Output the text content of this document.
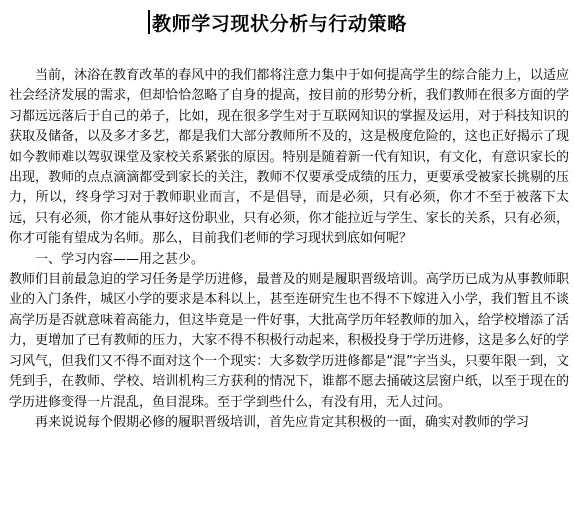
教师学习现状分析与行动策略

当前，沐浴在教育改革的春风中的我们都将注意力集中于如何提高学生的综合能力上，以适应社会经济发展的需求，但却恰恰忽略了自身的提高，按目前的形势分析，我们教师在很多方面的学习都远远落后于自己的弟子，比如，现在很多学生对于互联网知识的掌握及运用，对于科技知识的获取及储备，以及多才多艺，都是我们大部分教师所不及的，这是极度危险的，这也正好揭示了现如今教师难以驾驭课堂及家校关系紧张的原因。特别是随着新一代有知识，有文化，有意识家长的出现，教师的点点滴滴都受到家长的关注，教师不仅要承受成绩的压力，更要承受被家长挑剔的压力，所以，终身学习对于教师职业而言，不是倡导，而是必须，只有必须，你才不至于被落下太远，只有必须，你才能从事好这份职业，只有必须，你才能拉近与学生、家长的关系，只有必须，你才可能有望成为名师。那么，目前我们老师的学习现状到底如何呢？

一、学习内容——用之甚少。

教师们目前最急迫的学习任务是学历进修，最普及的则是履职晋级培训。高学历已成为从事教师职业的入门条件，城区小学的要求是本科以上，甚至连研究生也不得不下嫁进入小学，我们暂且不谈高学历是否就意味着高能力，但这毕竟是一件好事，大批高学历年轻教师的加入，给学校增添了活力，更增加了已有教师的压力，大家不得不积极行动起来，积极投身于学历进修，这是多么好的学习风气，但我们又不得不面对这个一个现实：大多数学历进修都是“混”字当头，只要年限一到，文凭到手，在教师、学校、培训机构三方获利的情况下，谁都不愿去捅破这层窗户纸，以至于现在的学历进修变得一片混乱，鱼目混珠。至于学到些什么，有没有用，无人过问。

再来说说每个假期必修的履职晋级培训，首先应肯定其积极的一面，确实对教师的学习
